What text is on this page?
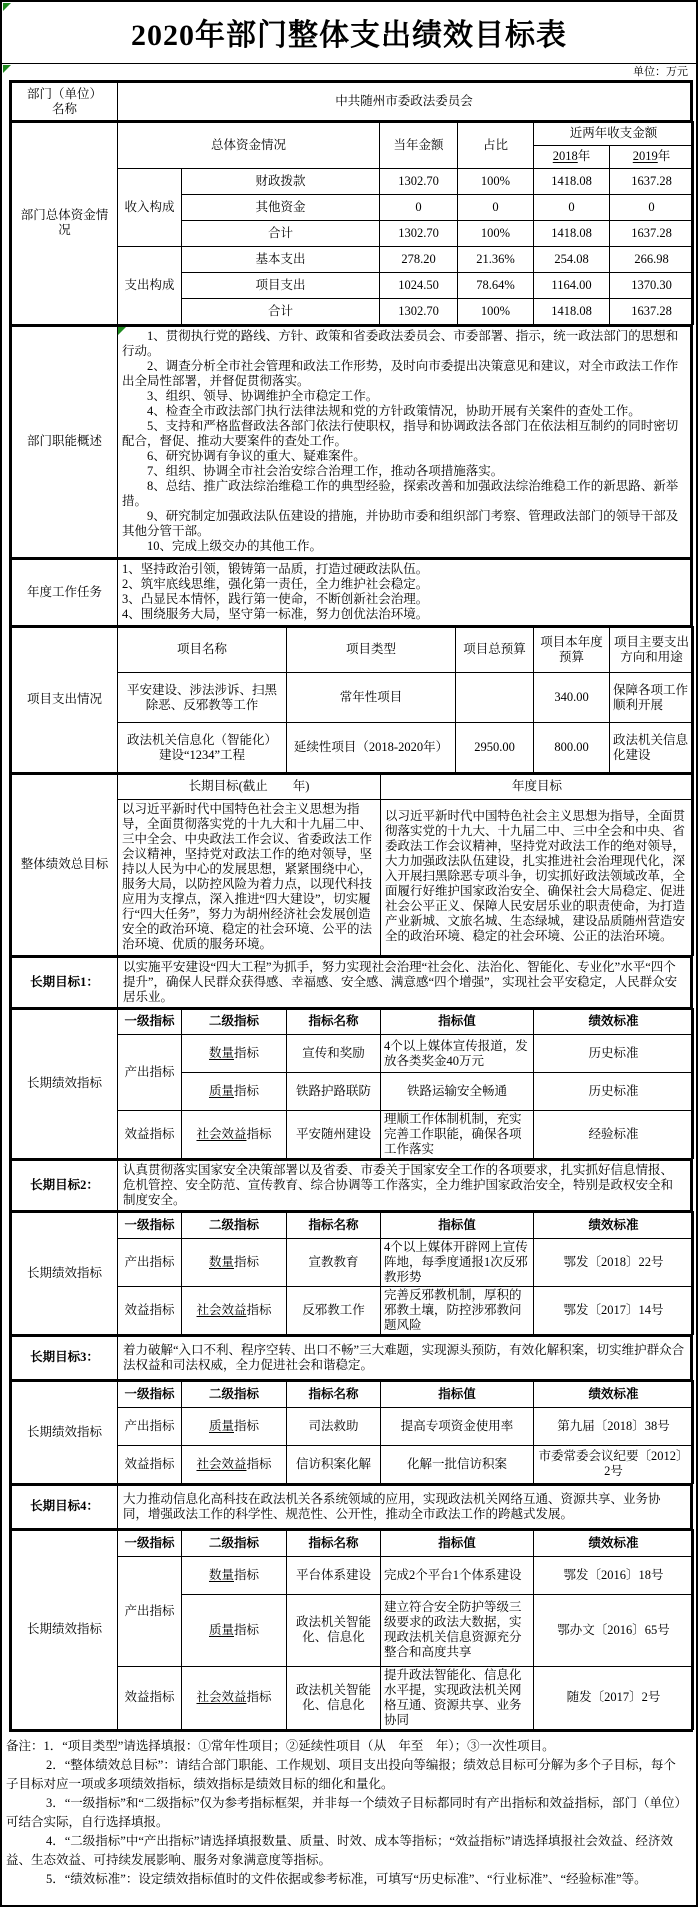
2020年部门整体支出绩效目标表
单位：万元
部门（单位）
名称
	中共随州市委政法委员会
部门总体资金情况	总体资金情况		当年金额	占比	近两年收支金额	
					2018年	2019年
	收入构成	财政拨款	1302.70	100%	1418.08	1637.28
		其他资金	0	0	0	0
		合计	1302.70	100%	1418.08	1637.28
	支出构成	基本支出	278.20	21.36%	254.08	266.98
		项目支出	1024.50	78.64%	1164.00	1370.30
		合计	1302.70	100%	1418.08	1637.28
部门职能概述	

1、贯彻执行党的路线、方针、政策和省委政法委员会、市委部署、指示，统一政法部门的思想和行动。

2、调查分析全市社会管理和政法工作形势，及时向市委提出决策意见和建议，对全市政法工作作出全局性部署，并督促贯彻落实。

3、组织、领导、协调维护全市稳定工作。

4、检查全市政法部门执行法律法规和党的方针政策情况，协助开展有关案件的查处工作。

5、支持和严格监督政法各部门依法行使职权，指导和协调政法各部门在依法相互制约的同时密切配合，督促、推动大要案件的查处工作。

6、研究协调有争议的重大、疑难案件。

7、组织、协调全市社会治安综合治理工作，推动各项措施落实。

8、总结、推广政法综治维稳工作的典型经验，探索改善和加强政法综治维稳工作的新思路、新举措。

9、研究制定加强政法队伍建设的措施，并协助市委和组织部门考察、管理政法部门的领导干部及其他分管干部。

10、完成上级交办的其他工作。

年度工作任务	

1、坚持政治引领，锻铸第一品质，打造过硬政法队伍。

2、筑牢底线思维，强化第一责任，全力维护社会稳定。

3、凸显民本情怀，践行第一使命，不断创新社会治理。

4、围绕服务大局，坚守第一标准，努力创优法治环境。

项目支出情况	项目名称	项目类型	项目总预算	项目本年度预算	项目主要支出方向和用途
	平安建设、涉法涉诉、扫黑除恶、反邪教等工作	常年性项目		340.00	保障各项工作顺利开展
	政法机关信息化（智能化）建设“1234”工程	延续性项目（2018-2020年）	2950.00	800.00	政法机关信息化建设
整体绩效总目标	长期目标(截止　　年)	年度目标
	以习近平新时代中国特色社会主义思想为指导，全面贯彻落实党的十九大和十九届二中、三中全会、中央政法工作会议、省委政法工作会议精神，坚持党对政法工作的绝对领导，坚持以人民为中心的发展思想，紧紧围绕中心，服务大局，以防控风险为着力点，以现代科技应用为支撑点，深入推进“四大建设”，切实履行“四大任务”，努力为胡州经济社会发展创造安全的政治环境、稳定的社会环境、公平的法治环境、优质的服务环境。	以习近平新时代中国特色社会主义思想为指导，全面贯彻落实党的十九大、十九届二中、三中全会和中央、省委政法工作会议精神，坚持党对政法工作的绝对领导，大力加强政法队伍建设，扎实推进社会治理现代化，深入开展扫黑除恶专项斗争，切实抓好政法领域改革，全面履行好维护国家政治安全、确保社会大局稳定、促进社会公平正义、保障人民安居乐业的职责使命，为打造产业新城、文旅名城、生态绿城，建设品质随州营造安全的政治环境、稳定的社会环境、公正的法治环境。
长期目标1：	以实施平安建设“四大工程”为抓手，努力实现社会治理“社会化、法治化、智能化、专业化”水平“四个提升”，确保人民群众获得感、幸福感、安全感、满意感“四个增强”，实现社会平安稳定，人民群众安居乐业。
长期绩效指标	一级指标	二级指标	指标名称	指标值	绩效标准
	产出指标	数量指标	宣传和奖励	4个以上媒体宣传报道，发放各类奖金40万元	历史标准
		质量指标	铁路护路联防	铁路运输安全畅通	历史标准
	效益指标	社会效益指标	平安随州建设	理顺工作体制机制，充实完善工作职能，确保各项工作落实	经验标准
长期目标2：	认真贯彻落实国家安全决策部署以及省委、市委关于国家安全工作的各项要求，扎实抓好信息情报、危机管控、安全防范、宣传教育、综合协调等工作落实，全力维护国家政治安全，特别是政权安全和制度安全。
长期绩效指标	一级指标	二级指标	指标名称	指标值	绩效标准
	产出指标	数量指标	宣教教育	4个以上媒体开辟网上宣传阵地，每季度通报1次反邪教形势	鄂发〔2018〕22号
	效益指标	社会效益指标	反邪教工作	完善反邪教机制，厚积的邪教土壤，防控涉邪教问题风险	鄂发〔2017〕14号
长期目标3：	着力破解“入口不利、程序空转、出口不畅”三大难题，实现源头预防，有效化解积案，切实维护群众合法权益和司法权威，全力促进社会和谐稳定。
长期绩效指标	一级指标	二级指标	指标名称	指标值	绩效标准
	产出指标	质量指标	司法救助	提高专项资金使用率	第九届〔2018〕38号
	效益指标	社会效益指标	信访积案化解	化解一批信访积案	市委常委会议纪要〔2012〕2号
长期目标4：	大力推动信息化高科技在政法机关各系统领域的应用，实现政法机关网络互通、资源共享、业务协同，增强政法工作的科学性、规范性、公开性，推动全市政法工作的跨越式发展。
长期绩效指标	一级指标	二级指标	指标名称	指标值	绩效标准
	产出指标	数量指标	平台体系建设	完成2个平台1个体系建设	鄂发〔2016〕18号
		质量指标	政法机关智能化、信息化	建立符合安全防护等级三级要求的政法大数据，实现政法机关信息资源充分整合和高度共享	鄂办文〔2016〕65号
	效益指标	社会效益指标	政法机关智能化、信息化	提升政法智能化、信息化水平提，实现政法机关网格互通、资源共享、业务协同	随发〔2017〕2号
备注：1．“项目类型”请选择填报：①常年性项目；②延续性项目（从　年至　年）；③一次性项目。
2．“整体绩效总目标”：请结合部门职能、工作规划、项目支出投向等编报；绩效总目标可分解为多个子目标，每个子目标对应一项或多项绩效指标，绩效指标是绩效目标的细化和量化。
3．“一级指标”和“二级指标”仅为参考指标框架，并非每一个绩效子目标都同时有产出指标和效益指标，部门（单位）可结合实际，自行选择填报。
4．“二级指标”中“产出指标”请选择填报数量、质量、时效、成本等指标；“效益指标”请选择填报社会效益、经济效益、生态效益、可持续发展影响、服务对象满意度等指标。
5．“绩效标准”：设定绩效指标值时的文件依据或参考标准，可填写“历史标准”、“行业标准”、“经验标准”等。
